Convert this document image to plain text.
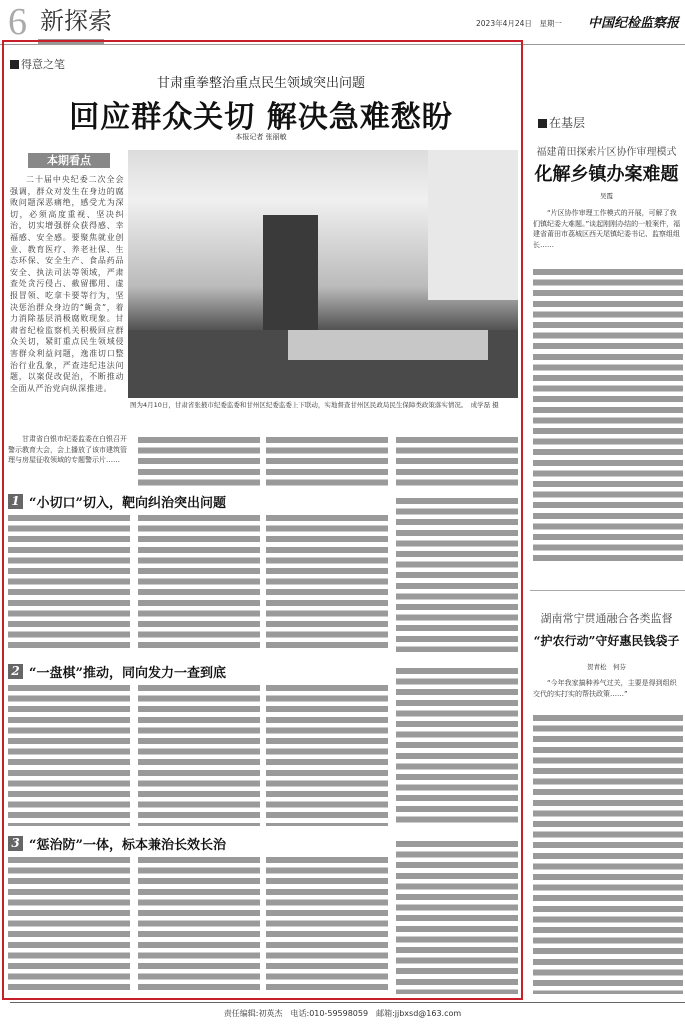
6 新探索	2023年4月24日　星期一 中国纪检监察报
得意之笔
甘肃重拳整治重点民生领域突出问题
回应群众关切 解决急难愁盼
本报记者 张丽敏
本期看点
二十届中央纪委二次全会强调，群众对发生在身边的腐败问题深恶痛绝，感受尤为深切，必须高度重视、坚决纠治，切实增强群众获得感、幸福感、安全感。要聚焦就业创业、教育医疗、养老社保、生态环保、安全生产、食品药品安全、执法司法等领域，严肃查处贪污侵占、截留挪用、虚报冒领、吃拿卡要等行为，坚决惩治群众身边的“蝇贪”，着力消除基层消极腐败现象。甘肃省纪检监察机关积极回应群众关切，紧盯重点民生领域侵害群众利益问题，逸准切口整治行业乱象，严查违纪违法问题，以案促改促治，不断推动全面从严治党向纵深推进。
图为4月10日，甘肃省张掖市纪委监委和甘州区纪委监委上下联动，实地督查甘州区民政局民生保障类政策落实情况。　成学磊 摄
甘肃省白银市纪委监委在白银召开警示教育大会，会上播放了该市建筑管理与房屋征收领域的专题警示片……
1 “小切口”切入，靶向纠治突出问题
2 “一盘棋”推动，同向发力一查到底
3 “惩治防”一体，标本兼治长效长治
在基层
福建莆田探索片区协作审理模式
化解乡镇办案难题
吴霞
“片区协作审理工作模式的开展，可解了我们镇纪委大难题。”谈起刚刚办结的一般案件，福建省莆田市荔城区西天尾镇纪委书记、监察组组长……
湖南常宁贯通融合各类监督
“护农行动”守好惠民钱袋子
贺青松　何芬
“今年我家搞种养气过关，主要是得到组织交代的实打实的帮扶政策……”
责任编辑:初英杰　电话:010-59598059　邮箱:jjbxsd@163.com
